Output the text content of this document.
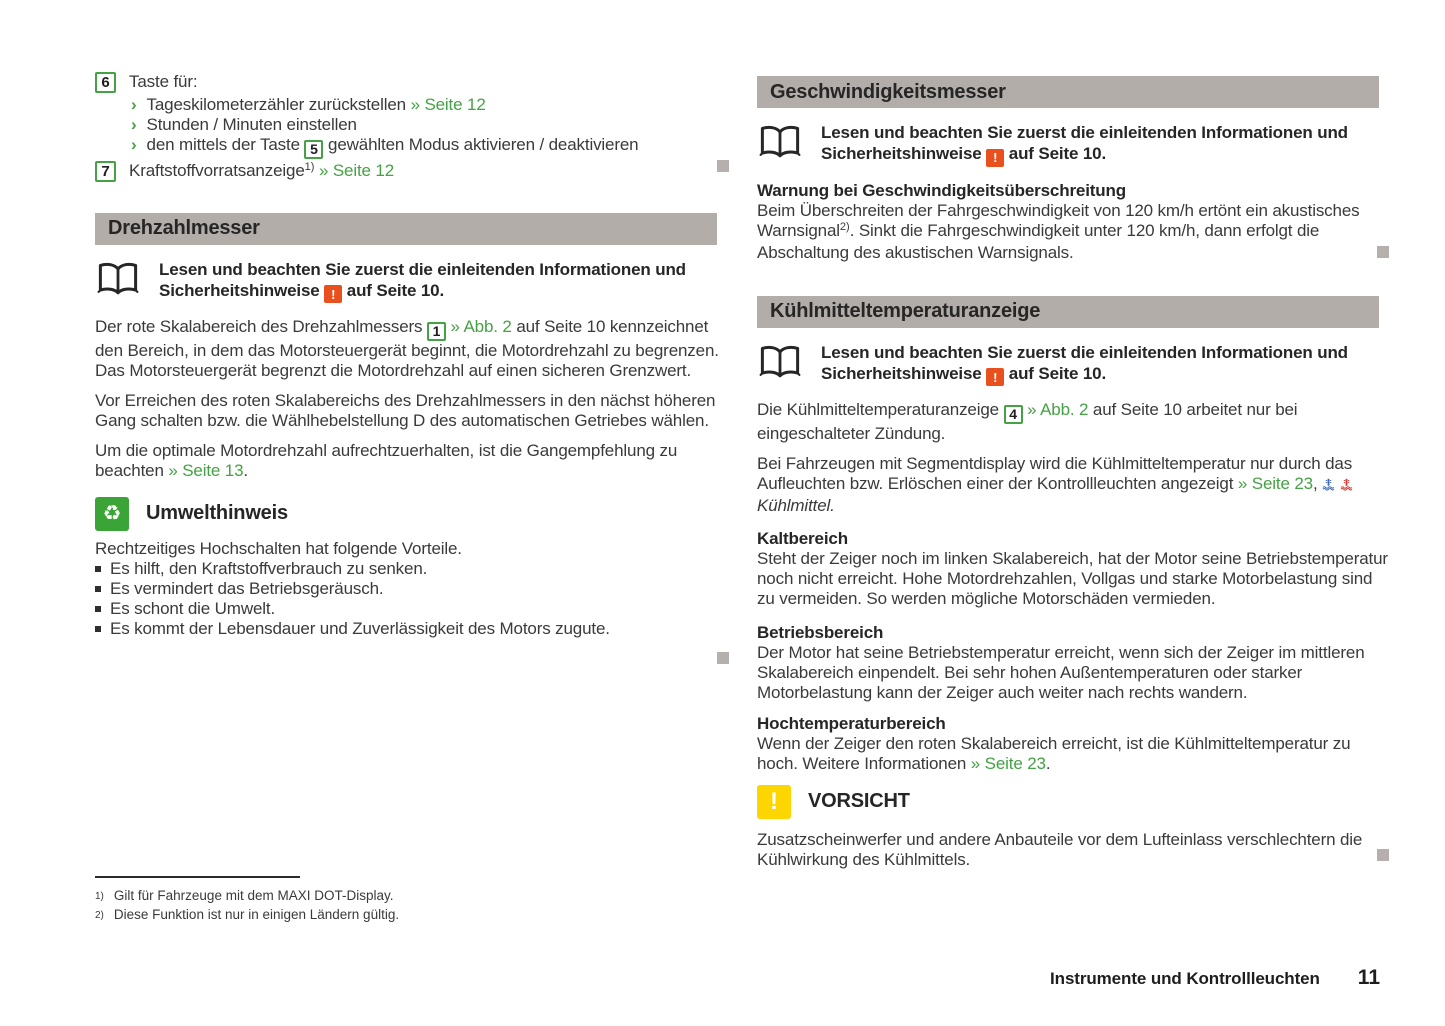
6	Taste für:
› Tageskilometerzähler zurückstellen » Seite 12
› Stunden / Minuten einstellen
› den mittels der Taste 5 gewählten Modus aktivieren / deaktivieren
7	Kraftstoffvorratsanzeige$^{1)}$ » Seite 12
Drehzahlmesser
Lesen und beachten Sie zuerst die einleitenden Informationen und Sicherheitshinweise ! auf Seite 10.

Der rote Skalabereich des Drehzahlmessers 1 » Abb. 2 auf Seite 10 kennzeichnet den Bereich, in dem das Motorsteuergerät beginnt, die Motordrehzahl zu begrenzen. Das Motorsteuergerät begrenzt die Motordrehzahl auf einen sicheren Grenzwert.

Vor Erreichen des roten Skalabereichs des Drehzahlmessers in den nächst höheren Gang schalten bzw. die Wählhebelstellung D des automatischen Getriebes wählen.

Um die optimale Motordrehzahl aufrechtzuerhalten, ist die Gangempfehlung zu beachten » Seite 13.

♻	Umwelthinweis

Rechtzeitiges Hochschalten hat folgende Vorteile.

Es hilft, den Kraftstoffverbrauch zu senken.
Es vermindert das Betriebsgeräusch.
Es schont die Umwelt.
Es kommt der Lebensdauer und Zuverlässigkeit des Motors zugute.
Geschwindigkeitsmesser
Lesen und beachten Sie zuerst die einleitenden Informationen und Sicherheitshinweise ! auf Seite 10.
Warnung bei Geschwindigkeitsüberschreitung

Beim Überschreiten der Fahrgeschwindigkeit von 120 km/h ertönt ein akustisches Warnsignal$^{2)}$. Sinkt die Fahrgeschwindigkeit unter 120 km/h, dann erfolgt die Abschaltung des akustischen Warnsignals.

Kühlmitteltemperaturanzeige
Lesen und beachten Sie zuerst die einleitenden Informationen und Sicherheitshinweise ! auf Seite 10.

Die Kühlmitteltemperaturanzeige 4 » Abb. 2 auf Seite 10 arbeitet nur bei eingeschalteter Zündung.

Bei Fahrzeugen mit Segmentdisplay wird die Kühlmitteltemperatur nur durch das Aufleuchten bzw. Erlöschen einer der Kontrollleuchten angezeigt » Seite 23,   Kühlmittel.

Kaltbereich

Steht der Zeiger noch im linken Skalabereich, hat der Motor seine Betriebstemperatur noch nicht erreicht. Hohe Motordrehzahlen, Vollgas und starke Motorbelastung sind zu vermeiden. So werden mögliche Motorschäden vermieden.

Betriebsbereich

Der Motor hat seine Betriebstemperatur erreicht, wenn sich der Zeiger im mittleren Skalabereich einpendelt. Bei sehr hohen Außentemperaturen oder starker Motorbelastung kann der Zeiger auch weiter nach rechts wandern.

Hochtemperaturbereich

Wenn der Zeiger den roten Skalabereich erreicht, ist die Kühlmitteltemperatur zu hoch. Weitere Informationen » Seite 23.

!	VORSICHT

Zusatzscheinwerfer und andere Anbauteile vor dem Lufteinlass verschlechtern die Kühlwirkung des Kühlmittels.

1) Gilt für Fahrzeuge mit dem MAXI DOT-Display.
2) Diese Funktion ist nur in einigen Ländern gültig.
Instrumente und Kontrollleuchten 11
